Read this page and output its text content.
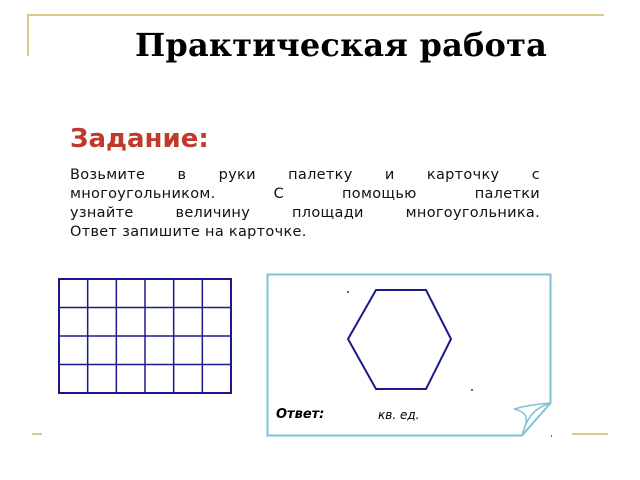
Практическая работа
Задание:
Возьмите в руки палетку и карточку с
многоугольником. С помощью палетки
узнайте величину площади многоугольника.
Ответ запишите на карточке.
Ответ:	кв. ед.
